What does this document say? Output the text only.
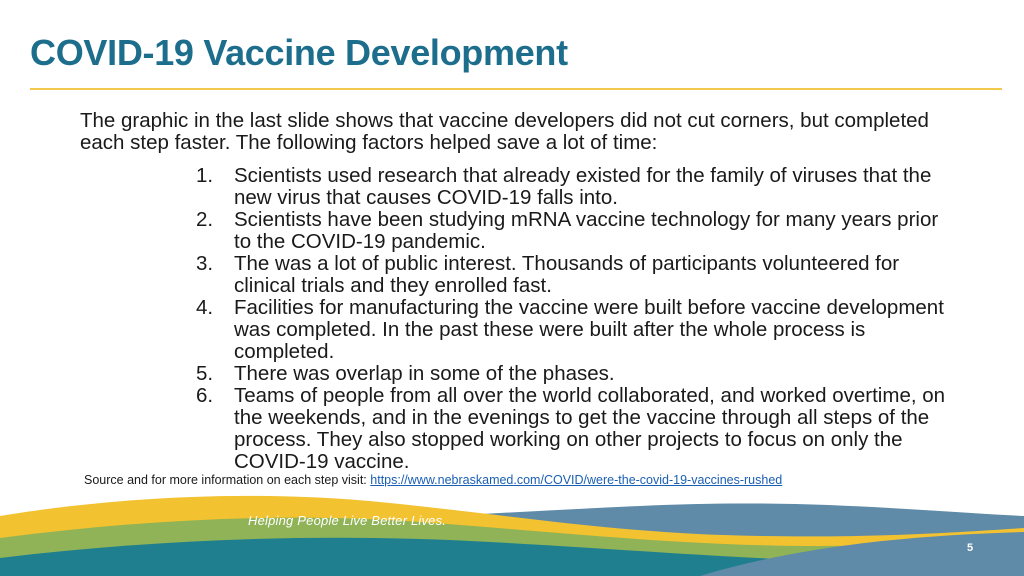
COVID-19 Vaccine Development

The graphic in the last slide shows that vaccine developers did not cut corners, but completed each step faster. The following factors helped save a lot of time:

1.	Scientists used research that already existed for the family of viruses that the new virus that causes COVID-19 falls into.
2.	Scientists have been studying mRNA vaccine technology for many years prior to the COVID-19 pandemic.
3.	The was a lot of public interest. Thousands of participants volunteered for clinical trials and they enrolled fast.
4.	Facilities for manufacturing the vaccine were built before vaccine development was completed. In the past these were built after the whole process is completed.
5.	There was overlap in some of the phases.
6.	Teams of people from all over the world collaborated, and worked overtime, on the weekends, and in the evenings to get the vaccine through all steps of the process. They also stopped working on other projects to focus on only the COVID-19 vaccine.
Source and for more information on each step visit: https://www.nebraskamed.com/COVID/were-the-covid-19-vaccines-rushed
Helping People Live Better Lives.
5
